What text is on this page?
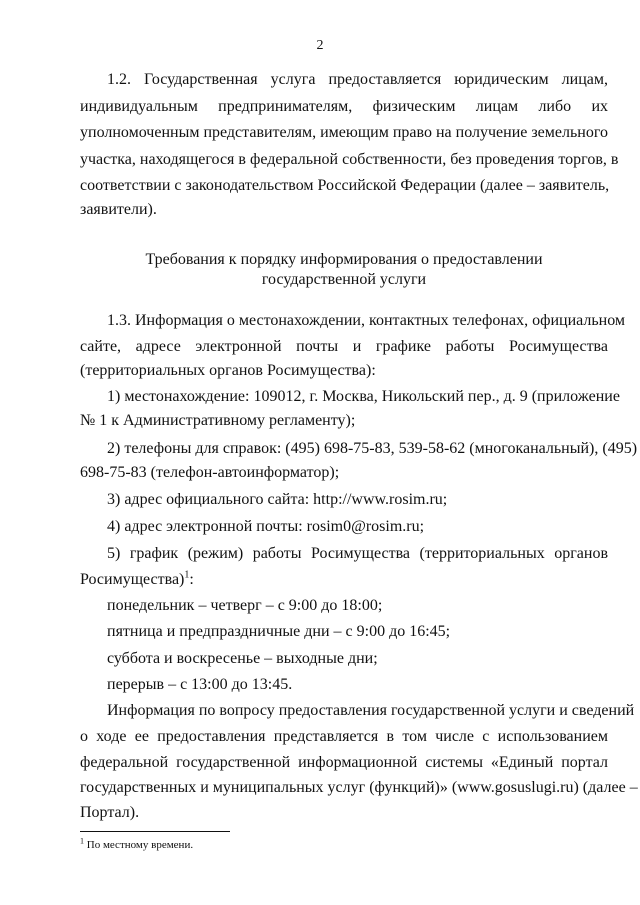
2
1.2. Государственная услуга предоставляется юридическим лицам,
индивидуальным предпринимателям, физическим лицам либо их
уполномоченным представителям, имеющим право на получение земельного
участка, находящегося в федеральной собственности, без проведения торгов, в
соответствии с законодательством Российской Федерации (далее – заявитель,
заявители).
Требования к порядку информирования о предоставлении
государственной услуги
1.3. Информация о местонахождении, контактных телефонах, официальном
сайте, адресе электронной почты и графике работы Росимущества
(территориальных органов Росимущества):
1) местонахождение: 109012, г. Москва, Никольский пер., д. 9 (приложение
№ 1 к Административному регламенту);
2) телефоны для справок: (495) 698-75-83, 539-58-62 (многоканальный), (495)
698-75-83 (телефон-автоинформатор);
3) адрес официального сайта: http://www.rosim.ru;
4) адрес электронной почты: rosim0@rosim.ru;
5) график (режим) работы Росимущества (территориальных органов
Росимущества)$^1$:
понедельник – четверг – с 9:00 до 18:00;
пятница и предпраздничные дни – с 9:00 до 16:45;
суббота и воскресенье – выходные дни;
перерыв – с 13:00 до 13:45.
Информация по вопросу предоставления государственной услуги и сведений
о ходе ее предоставления представляется в том числе с использованием
федеральной государственной информационной системы «Единый портал
государственных и муниципальных услуг (функций)» (www.gosuslugi.ru) (далее –
Портал).
$^1$ По местному времени.
